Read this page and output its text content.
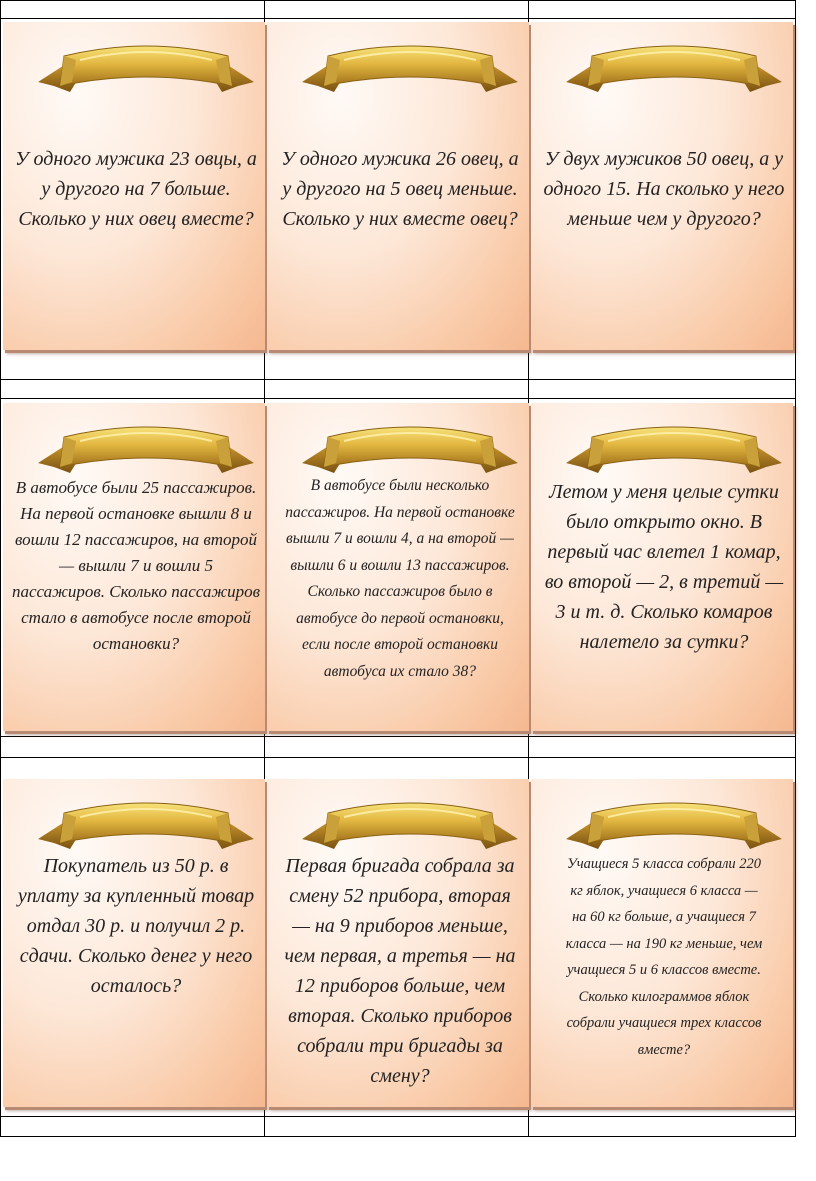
У одного мужика 23 овцы, а
у другого на 7 больше.
Сколько у них овец вместе?
У одного мужика 26 овец, а
у другого на 5 овец меньше.
Сколько у них вместе овец?
У двух мужиков 50 овец, а у
одного 15. На сколько у него
меньше чем у другого?
В автобусе были 25 пассажиров.
На первой остановке вышли 8 и
вошли 12 пассажиров, на второй
— вышли 7 и вошли 5
пассажиров. Сколько пассажиров
стало в автобусе после второй
остановки?
В автобусе были несколько
пассажиров. На первой остановке
вышли 7 и вошли 4, а на второй —
вышли 6 и вошли 13 пассажиров.
Сколько пассажиров было в
автобусе до первой остановки,
если после второй остановки
автобуса их стало 38?
Летом у меня целые сутки
было открыто окно. В
первый час влетел 1 комар,
во второй — 2, в третий —
3 и т. д. Сколько комаров
налетело за сутки?
Покупатель из 50 р. в
уплату за купленный товар
отдал 30 р. и получил 2 р.
сдачи. Сколько денег у него
осталось?
Первая бригада собрала за
смену 52 прибора, вторая
— на 9 приборов меньше,
чем первая, а третья — на
12 приборов больше, чем
вторая. Сколько приборов
собрали три бригады за
смену?
Учащиеся 5 класса собрали 220
кг яблок, учащиеся 6 класса —
на 60 кг больше, а учащиеся 7
класса — на 190 кг меньше, чем
учащиеся 5 и 6 классов вместе.
Сколько килограммов яблок
собрали учащиеся трех классов
вместе?
